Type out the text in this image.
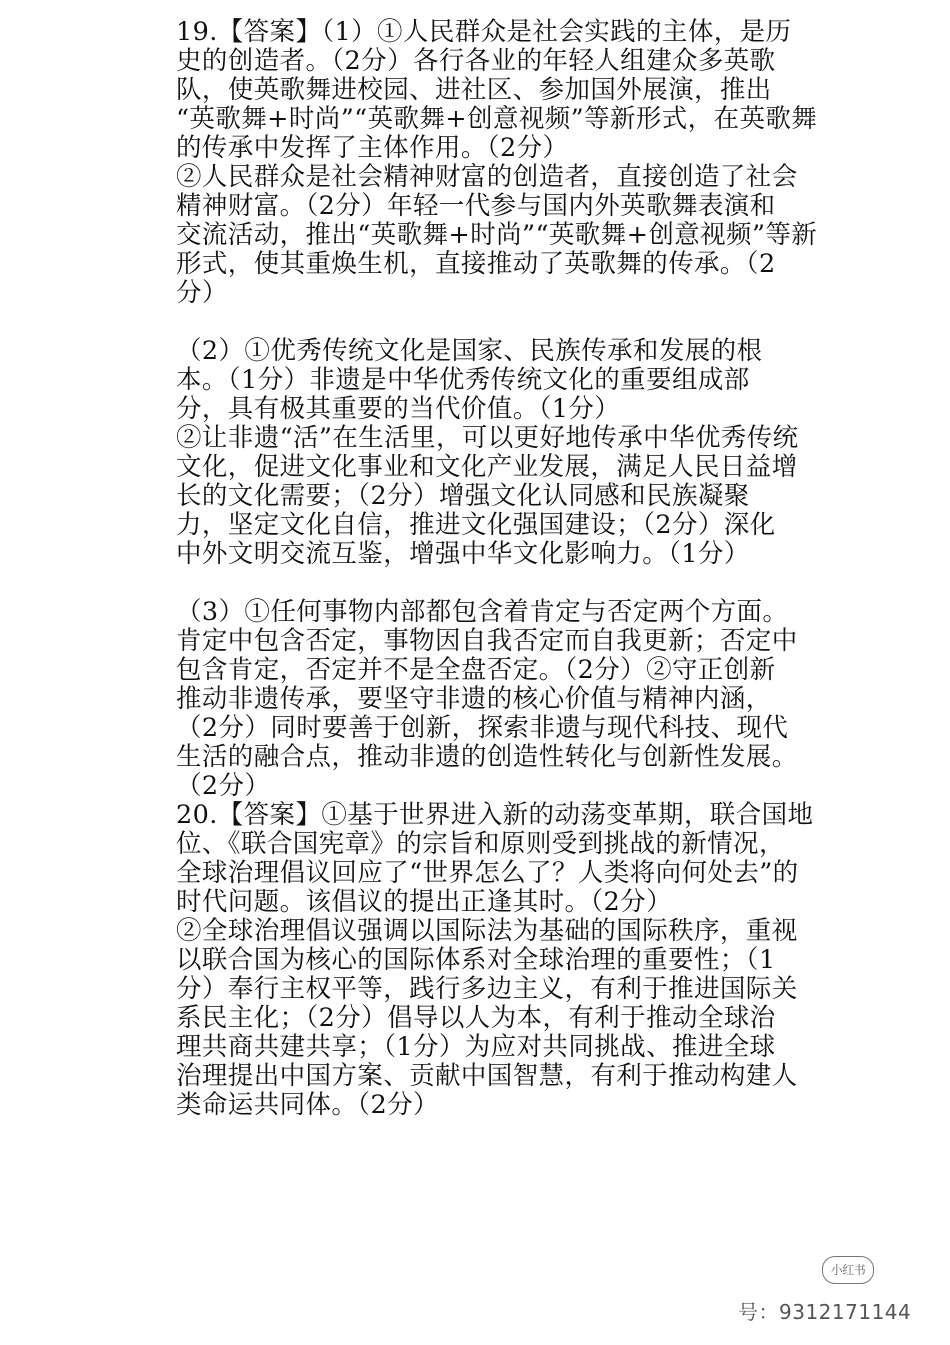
19.【答案】（1）①人民群众是社会实践的主体，是历
史的创造者。（2分）各行各业的年轻人组建众多英歌
队，使英歌舞进校园、进社区、参加国外展演，推出
“英歌舞+时尚”“英歌舞+创意视频”等新形式，在英歌舞
的传承中发挥了主体作用。（2分）
②人民群众是社会精神财富的创造者，直接创造了社会
精神财富。（2分）年轻一代参与国内外英歌舞表演和
交流活动，推出“英歌舞+时尚”“英歌舞+创意视频”等新
形式，使其重焕生机，直接推动了英歌舞的传承。（2
分）
（2）①优秀传统文化是国家、民族传承和发展的根
本。（1分）非遗是中华优秀传统文化的重要组成部
分，具有极其重要的当代价值。（1分）
②让非遗“活”在生活里，可以更好地传承中华优秀传统
文化，促进文化事业和文化产业发展，满足人民日益增
长的文化需要；（2分）增强文化认同感和民族凝聚
力，坚定文化自信，推进文化强国建设；（2分）深化
中外文明交流互鉴，增强中华文化影响力。（1分）
（3）①任何事物内部都包含着肯定与否定两个方面。
肯定中包含否定，事物因自我否定而自我更新；否定中
包含肯定，否定并不是全盘否定。（2分）②守正创新
推动非遗传承，要坚守非遗的核心价值与精神内涵，
（2分）同时要善于创新，探索非遗与现代科技、现代
生活的融合点，推动非遗的创造性转化与创新性发展。
（2分）
20.【答案】①基于世界进入新的动荡变革期，联合国地
位、《联合国宪章》的宗旨和原则受到挑战的新情况，
全球治理倡议回应了“世界怎么了？人类将向何处去”的
时代问题。该倡议的提出正逢其时。（2分）
②全球治理倡议强调以国际法为基础的国际秩序，重视
以联合国为核心的国际体系对全球治理的重要性；（1
分）奉行主权平等，践行多边主义，有利于推进国际关
系民主化；（2分）倡导以人为本，有利于推动全球治
理共商共建共享；（1分）为应对共同挑战、推进全球
治理提出中国方案、贡献中国智慧，有利于推动构建人
类命运共同体。（2分）
小红书
号：9312171144
